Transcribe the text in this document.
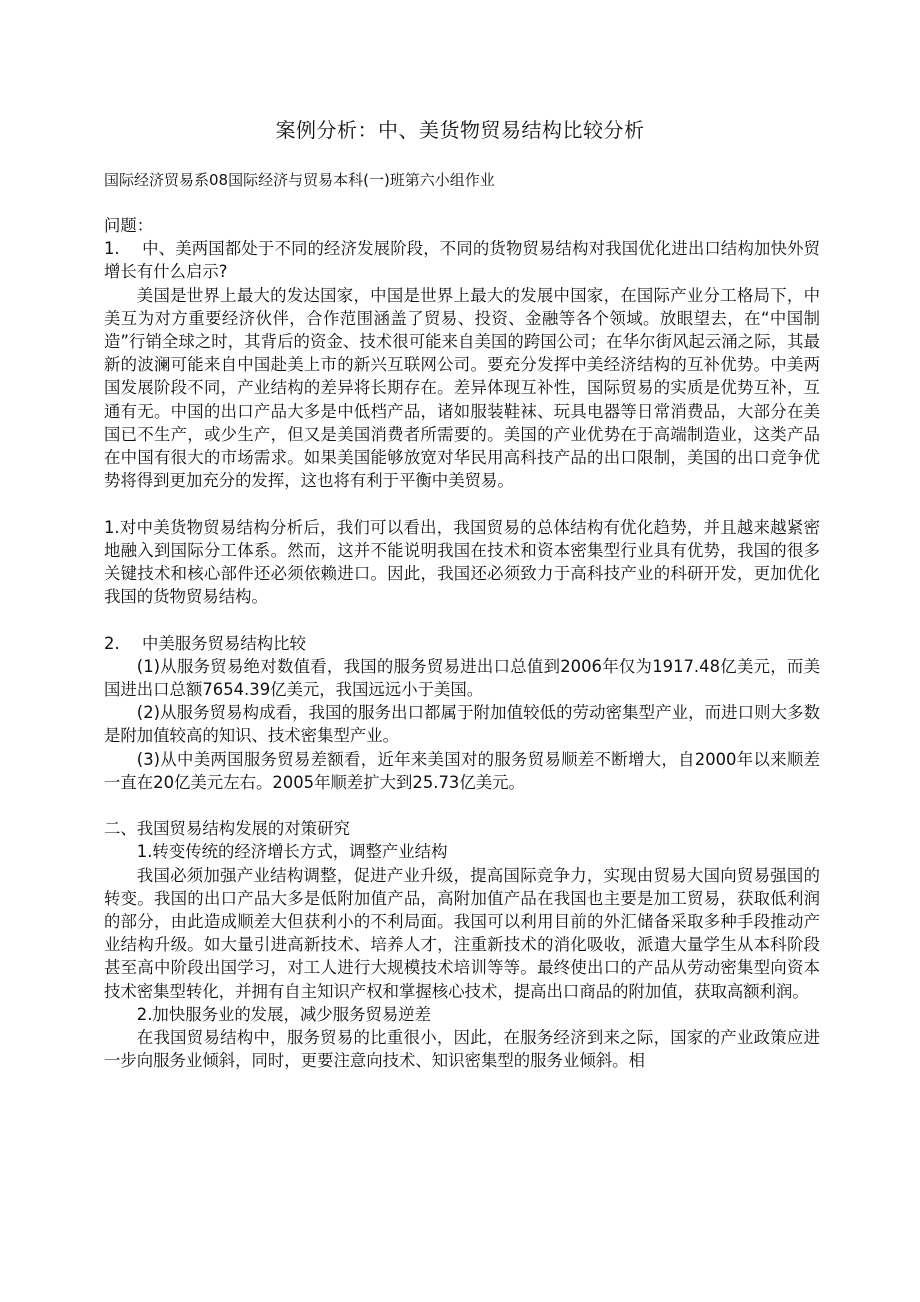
案例分析：中、美货物贸易结构比较分析
国际经济贸易系08国际经济与贸易本科(一)班第六小组作业

问题：

1. 中、美两国都处于不同的经济发展阶段，不同的货物贸易结构对我国优化进出口结构加快外贸增长有什么启示?

美国是世界上最大的发达国家，中国是世界上最大的发展中国家，在国际产业分工格局下，中美互为对方重要经济伙伴，合作范围涵盖了贸易、投资、金融等各个领域。放眼望去，在“中国制造”行销全球之时，其背后的资金、技术很可能来自美国的跨国公司；在华尔街风起云涌之际，其最新的波澜可能来自中国赴美上市的新兴互联网公司。要充分发挥中美经济结构的互补优势。中美两国发展阶段不同，产业结构的差异将长期存在。差异体现互补性，国际贸易的实质是优势互补，互通有无。中国的出口产品大多是中低档产品，诸如服装鞋袜、玩具电器等日常消费品，大部分在美国已不生产，或少生产，但又是美国消费者所需要的。美国的产业优势在于高端制造业，这类产品在中国有很大的市场需求。如果美国能够放宽对华民用高科技产品的出口限制，美国的出口竞争优势将得到更加充分的发挥，这也将有利于平衡中美贸易。

1.对中美货物贸易结构分析后，我们可以看出，我国贸易的总体结构有优化趋势，并且越来越紧密地融入到国际分工体系。然而，这并不能说明我国在技术和资本密集型行业具有优势，我国的很多关键技术和核心部件还必须依赖进口。因此，我国还必须致力于高科技产业的科研开发，更加优化我国的货物贸易结构。

2. 中美服务贸易结构比较

(1)从服务贸易绝对数值看，我国的服务贸易进出口总值到2006年仅为1917.48亿美元，而美国进出口总额7654.39亿美元，我国远远小于美国。

(2)从服务贸易构成看，我国的服务出口都属于附加值较低的劳动密集型产业，而进口则大多数是附加值较高的知识、技术密集型产业。

(3)从中美两国服务贸易差额看，近年来美国对的服务贸易顺差不断增大，自2000年以来顺差一直在20亿美元左右。2005年顺差扩大到25.73亿美元。

二、我国贸易结构发展的对策研究

1.转变传统的经济增长方式，调整产业结构

我国必须加强产业结构调整，促进产业升级，提高国际竞争力，实现由贸易大国向贸易强国的转变。我国的出口产品大多是低附加值产品，高附加值产品在我国也主要是加工贸易，获取低利润的部分，由此造成顺差大但获利小的不利局面。我国可以利用目前的外汇储备采取多种手段推动产业结构升级。如大量引进高新技术、培养人才，注重新技术的消化吸收，派遣大量学生从本科阶段甚至高中阶段出国学习，对工人进行大规模技术培训等等。最终使出口的产品从劳动密集型向资本技术密集型转化，并拥有自主知识产权和掌握核心技术，提高出口商品的附加值，获取高额利润。

2.加快服务业的发展，减少服务贸易逆差

在我国贸易结构中，服务贸易的比重很小，因此，在服务经济到来之际，国家的产业政策应进一步向服务业倾斜，同时，更要注意向技术、知识密集型的服务业倾斜。相
